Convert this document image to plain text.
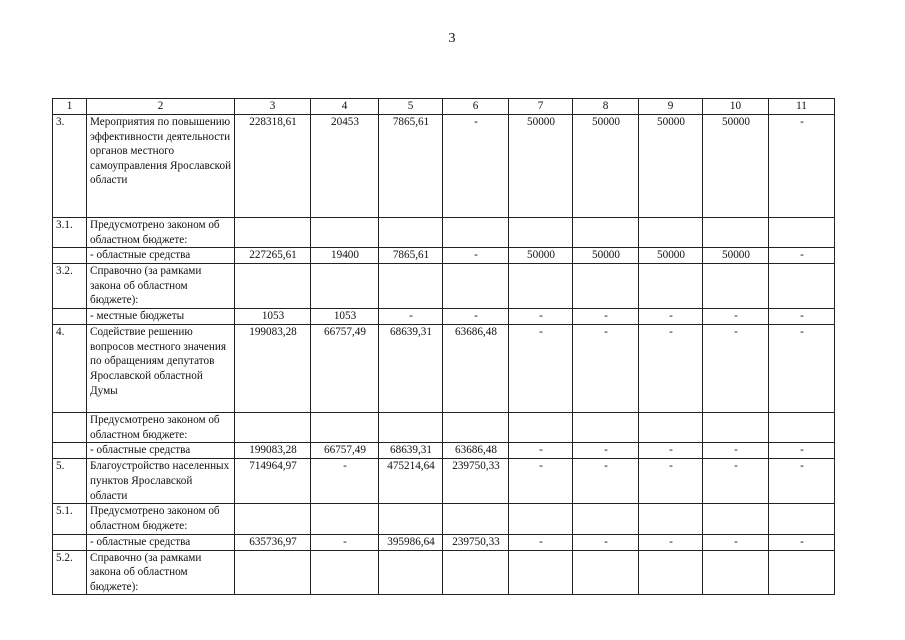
3
1	2	3	4	5	6	7	8	9	10	11
3.	Мероприятия по повышению эффективности деятельности органов местного самоуправления Ярославской области	228318,61	20453	7865,61	-	50000	50000	50000	50000	-
3.1.	Предусмотрено законом об областном бюджете:									
	- областные средства	227265,61	19400	7865,61	-	50000	50000	50000	50000	-
3.2.	Справочно (за рамками закона об областном бюджете):									
	- местные бюджеты	1053	1053	-	-	-	-	-	-	-
4.	Содействие решению вопросов местного значения по обращениям депутатов Ярославской областной Думы	199083,28	66757,49	68639,31	63686,48	-	-	-	-	-
	Предусмотрено законом об областном бюджете:									
	- областные средства	199083,28	66757,49	68639,31	63686,48	-	-	-	-	-
5.	Благоустройство населенных пунктов Ярославской области	714964,97	-	475214,64	239750,33	-	-	-	-	-
5.1.	Предусмотрено законом об областном бюджете:									
	- областные средства	635736,97	-	395986,64	239750,33	-	-	-	-	-
5.2.	Справочно (за рамками закона об областном бюджете):									
